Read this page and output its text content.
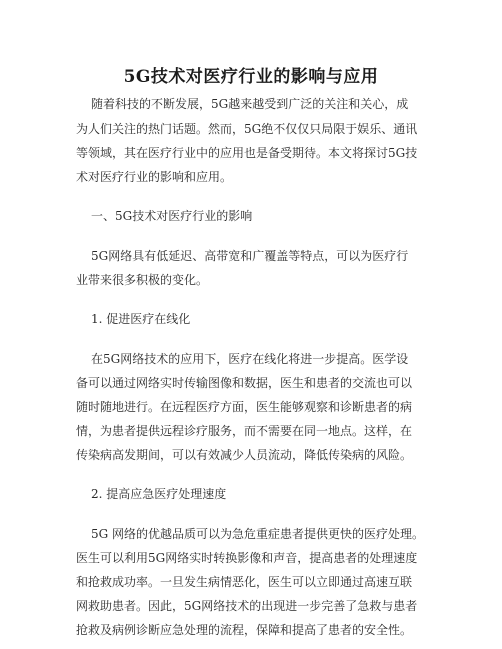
5G技术对医疗行业的影响与应用
随着科技的不断发展，5G越来越受到广泛的关注和关心，成
为人们关注的热门话题。然而，5G绝不仅仅只局限于娱乐、通讯
等领域，其在医疗行业中的应用也是备受期待。本文将探讨5G技
术对医疗行业的影响和应用。
一、5G技术对医疗行业的影响
5G网络具有低延迟、高带宽和广覆盖等特点，可以为医疗行
业带来很多积极的变化。
1. 促进医疗在线化
在5G网络技术的应用下，医疗在线化将进一步提高。医学设
备可以通过网络实时传输图像和数据，医生和患者的交流也可以
随时随地进行。在远程医疗方面，医生能够观察和诊断患者的病
情，为患者提供远程诊疗服务，而不需要在同一地点。这样，在
传染病高发期间，可以有效减少人员流动，降低传染病的风险。
2. 提高应急医疗处理速度
5G 网络的优越品质可以为急危重症患者提供更快的医疗处理。
医生可以利用5G网络实时转换影像和声音，提高患者的处理速度
和抢救成功率。一旦发生病情恶化，医生可以立即通过高速互联
网救助患者。因此，5G网络技术的出现进一步完善了急救与患者
抢救及病例诊断应急处理的流程，保障和提高了患者的安全性。
